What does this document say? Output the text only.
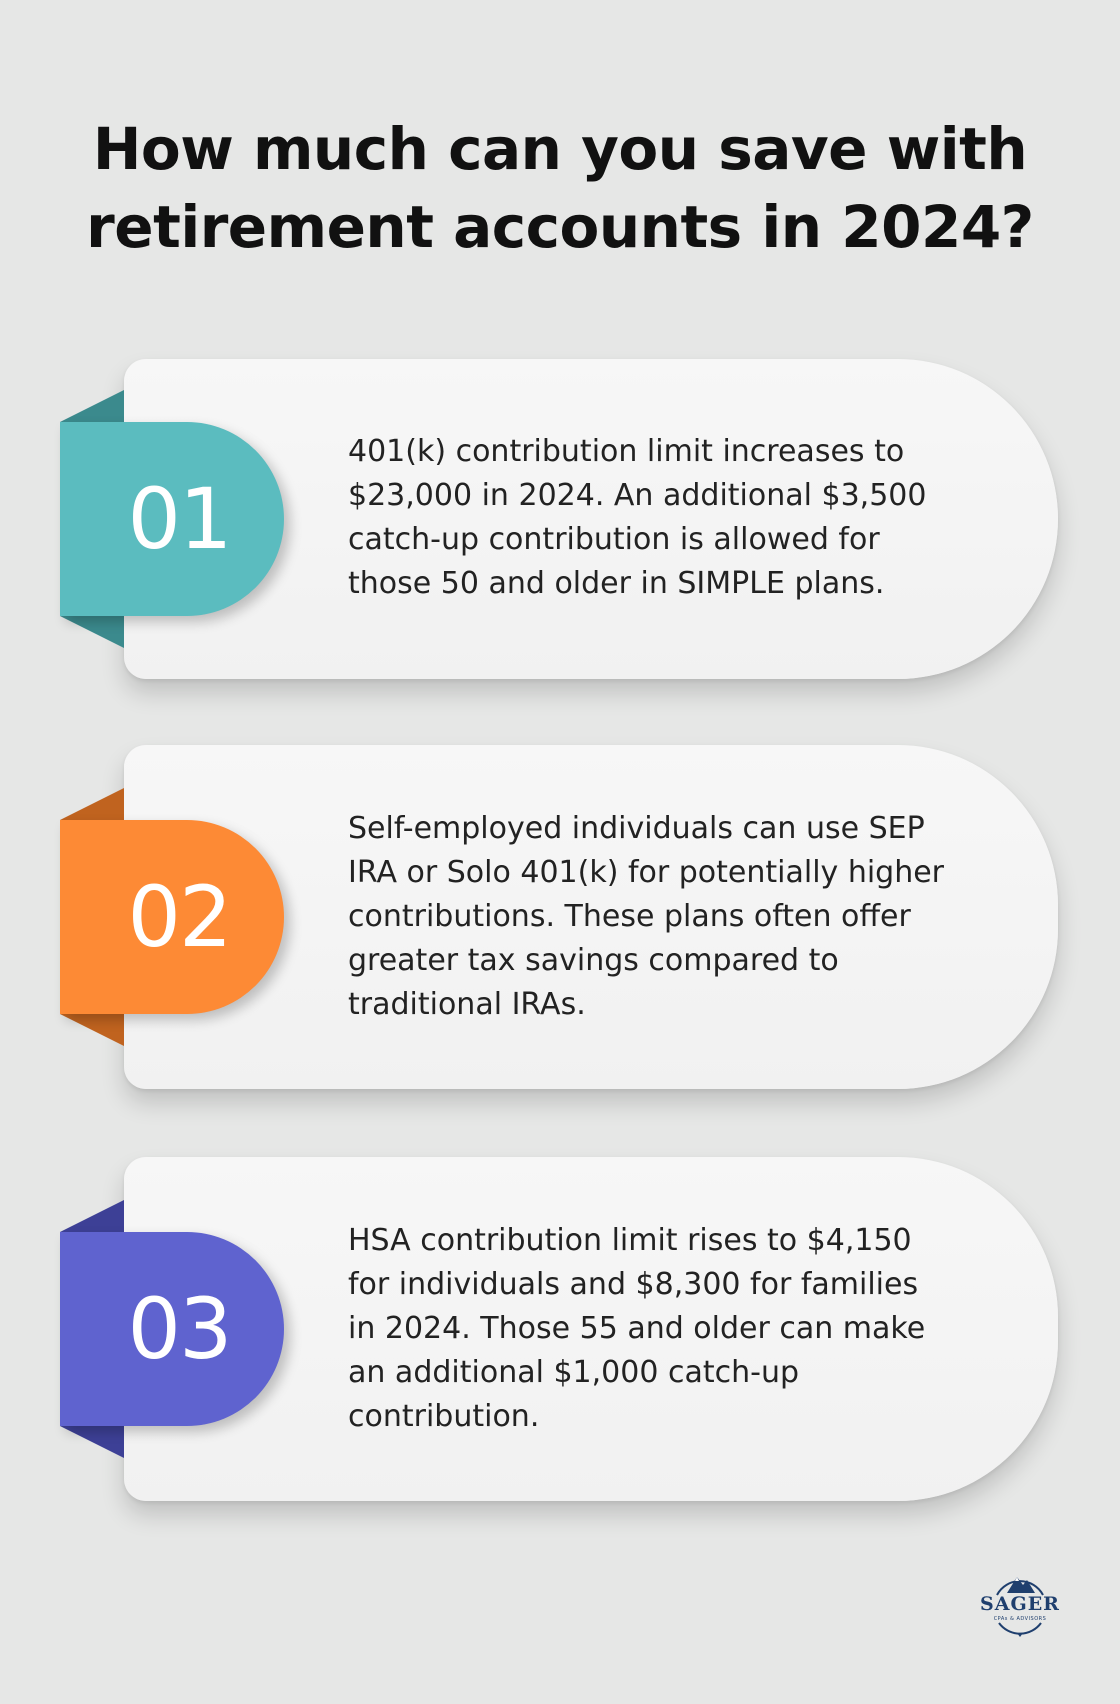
How much can you save with
retirement accounts in 2024?
01
401(k) contribution limit increases to
$23,000 in 2024. An additional $3,500
catch-up contribution is allowed for
those 50 and older in SIMPLE plans.
02
Self-employed individuals can use SEP
IRA or Solo 401(k) for potentially higher
contributions. These plans often offer
greater tax savings compared to
traditional IRAs.
03
HSA contribution limit rises to $4,150
for individuals and $8,300 for families
in 2024. Those 55 and older can make
an additional $1,000 catch-up
contribution.
SAGER
CPAs & ADVISORS
